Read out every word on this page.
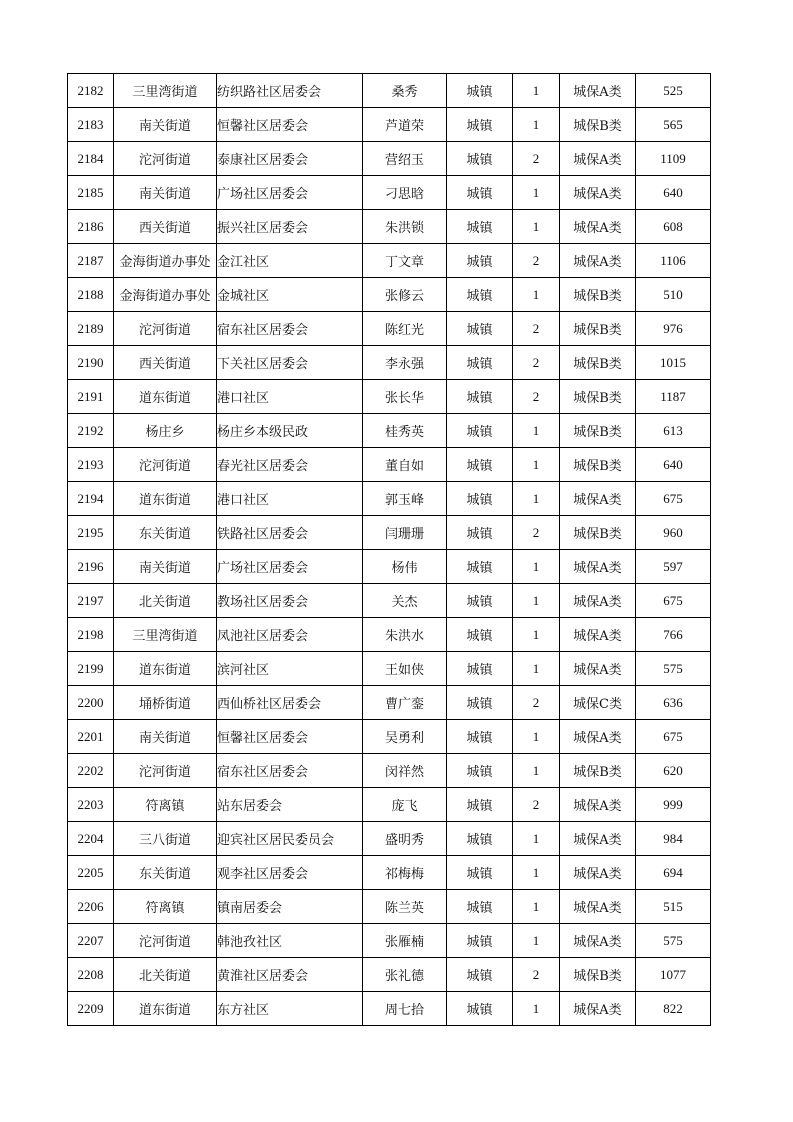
2182	三里湾街道	纺织路社区居委会	桑秀	城镇	1	城保A类	525
2183	南关街道	恒馨社区居委会	芦道荣	城镇	1	城保B类	565
2184	沱河街道	泰康社区居委会	营绍玉	城镇	2	城保A类	1109
2185	南关街道	广场社区居委会	刁思晗	城镇	1	城保A类	640
2186	西关街道	振兴社区居委会	朱洪锁	城镇	1	城保A类	608
2187	金海街道办事处	金江社区	丁文章	城镇	2	城保A类	1106
2188	金海街道办事处	金城社区	张修云	城镇	1	城保B类	510
2189	沱河街道	宿东社区居委会	陈红光	城镇	2	城保B类	976
2190	西关街道	下关社区居委会	李永强	城镇	2	城保B类	1015
2191	道东街道	港口社区	张长华	城镇	2	城保B类	1187
2192	杨庄乡	杨庄乡本级民政	桂秀英	城镇	1	城保B类	613
2193	沱河街道	春光社区居委会	董自如	城镇	1	城保B类	640
2194	道东街道	港口社区	郭玉峰	城镇	1	城保A类	675
2195	东关街道	铁路社区居委会	闫珊珊	城镇	2	城保B类	960
2196	南关街道	广场社区居委会	杨伟	城镇	1	城保A类	597
2197	北关街道	教场社区居委会	关杰	城镇	1	城保A类	675
2198	三里湾街道	凤池社区居委会	朱洪水	城镇	1	城保A类	766
2199	道东街道	滨河社区	王如侠	城镇	1	城保A类	575
2200	埇桥街道	西仙桥社区居委会	曹广銮	城镇	2	城保C类	636
2201	南关街道	恒馨社区居委会	吴勇利	城镇	1	城保A类	675
2202	沱河街道	宿东社区居委会	闵祥然	城镇	1	城保B类	620
2203	符离镇	站东居委会	庞飞	城镇	2	城保A类	999
2204	三八街道	迎宾社区居民委员会	盛明秀	城镇	1	城保A类	984
2205	东关街道	观李社区居委会	祁梅梅	城镇	1	城保A类	694
2206	符离镇	镇南居委会	陈兰英	城镇	1	城保A类	515
2207	沱河街道	韩池孜社区	张雁楠	城镇	1	城保A类	575
2208	北关街道	黄淮社区居委会	张礼德	城镇	2	城保B类	1077
2209	道东街道	东方社区	周七拾	城镇	1	城保A类	822
